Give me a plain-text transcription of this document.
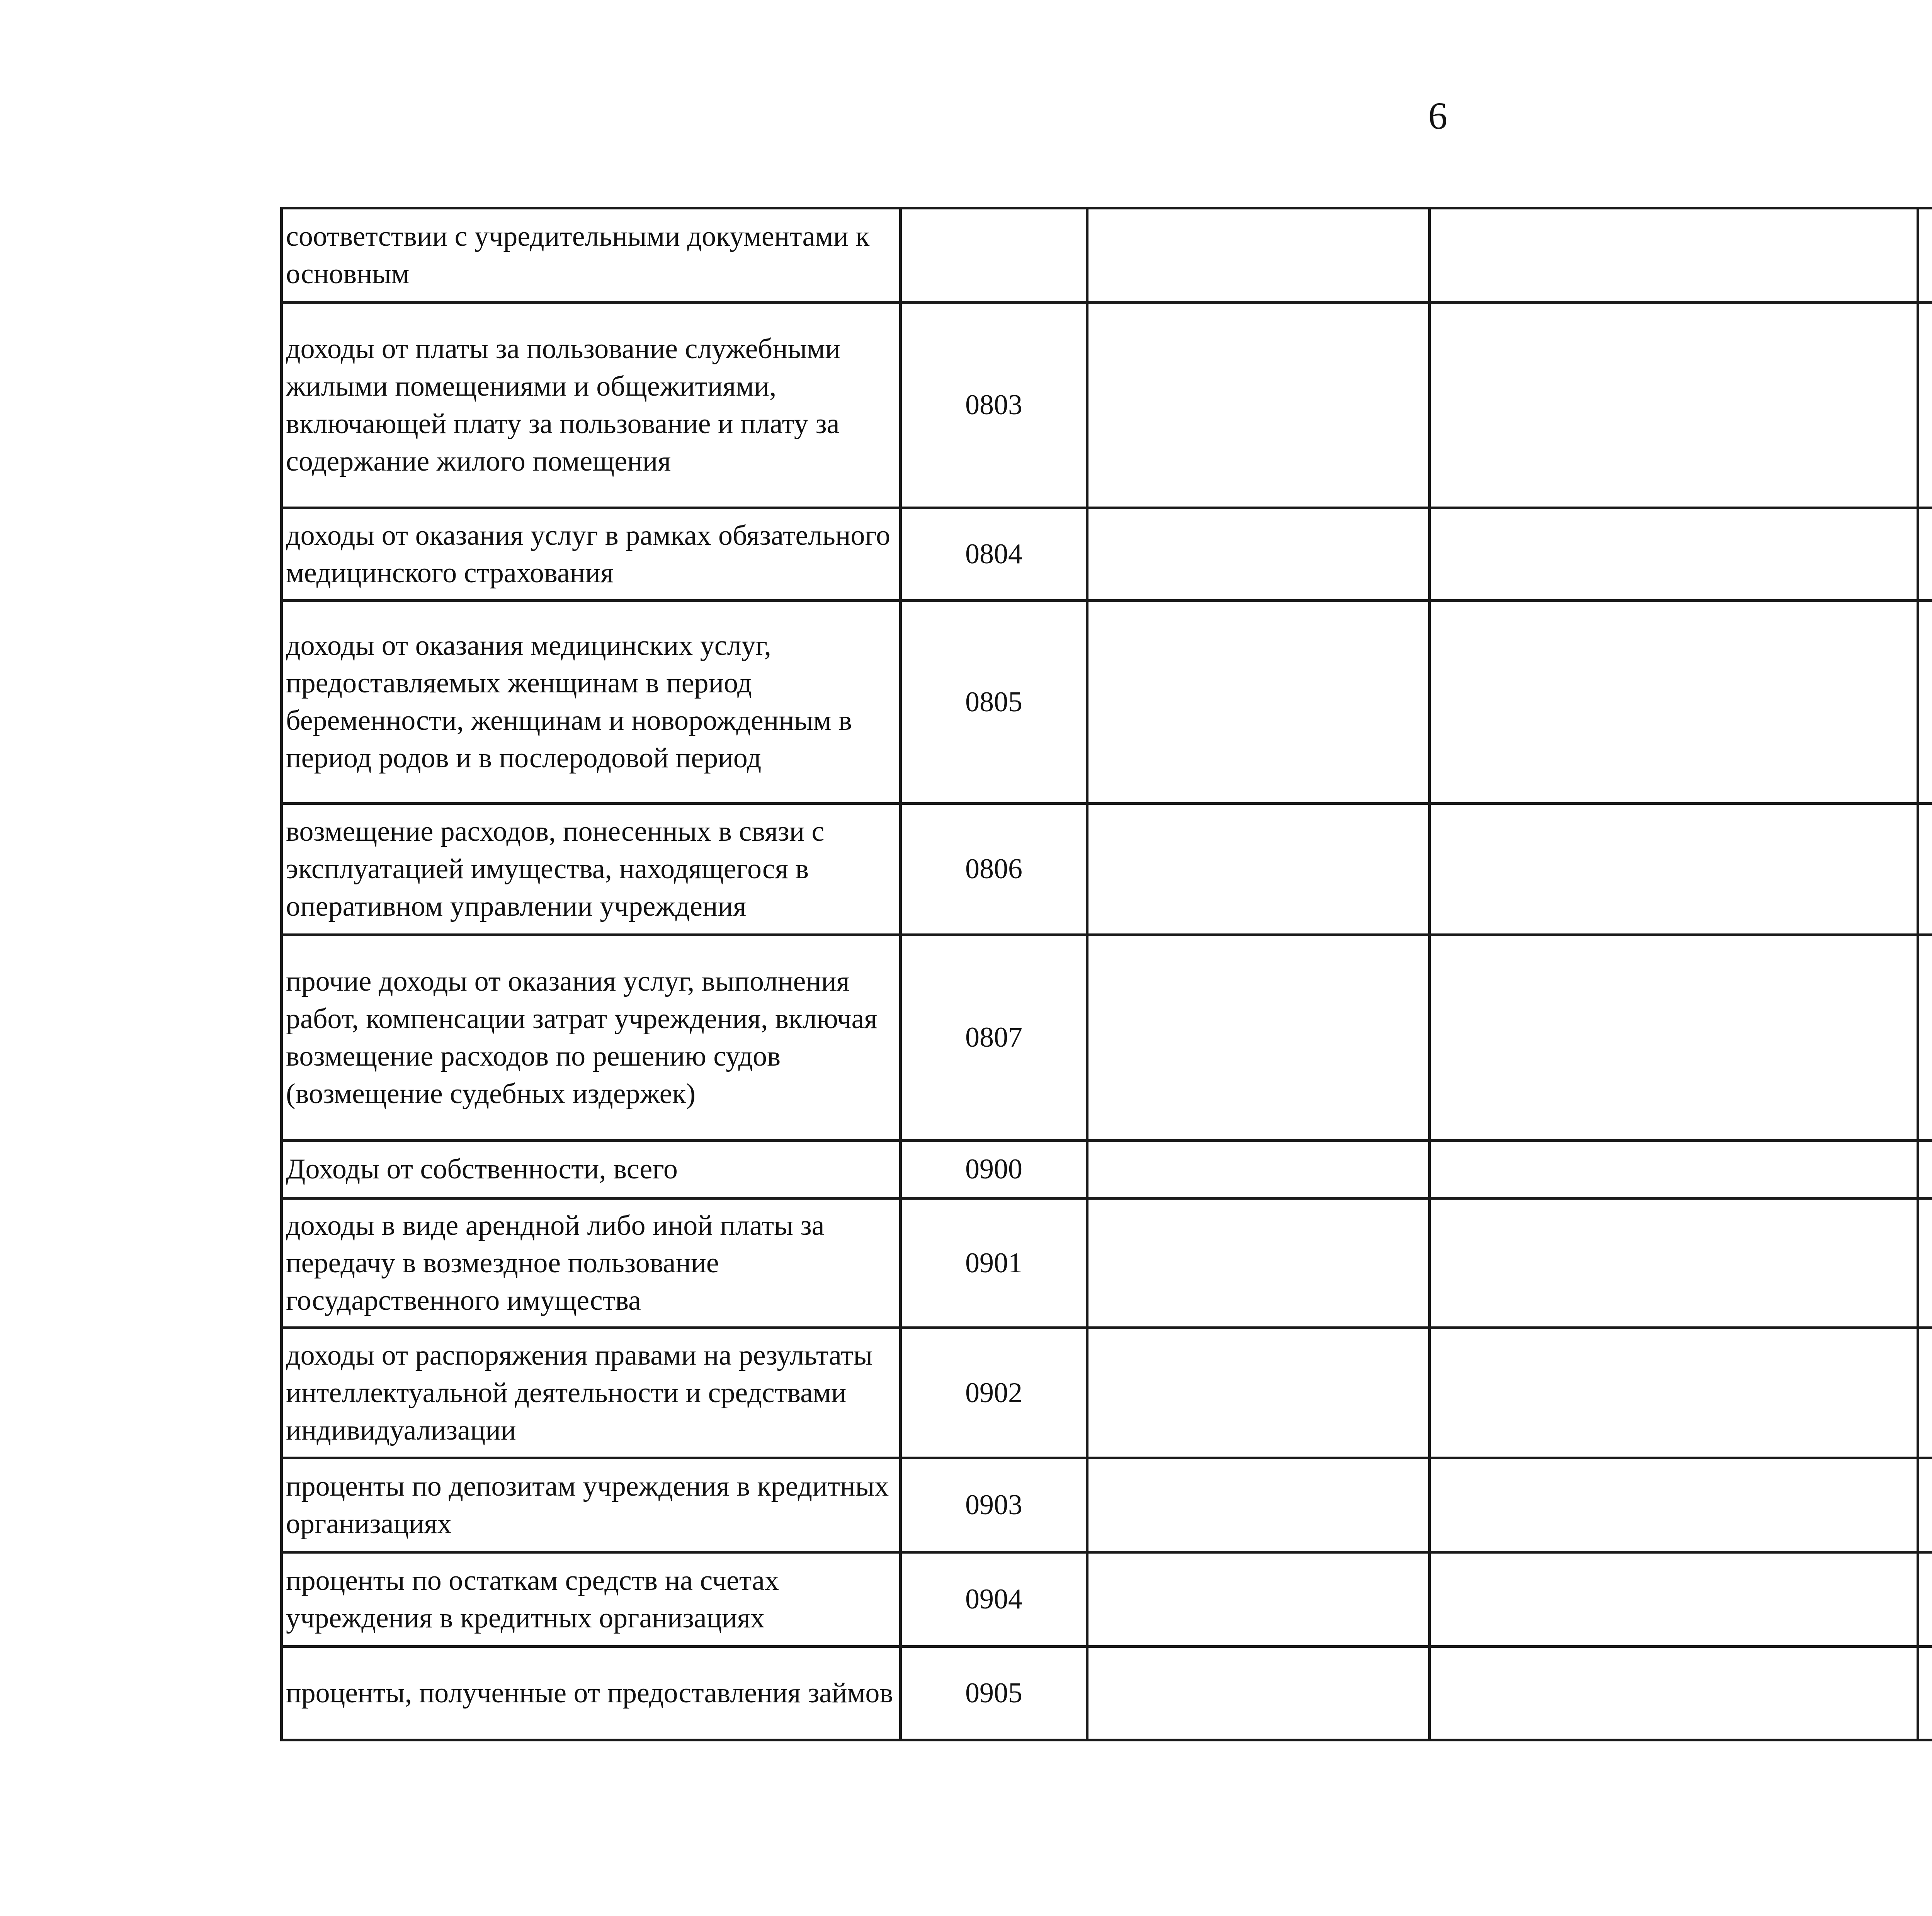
6
соответствии с учредительными документами к основным					
доходы от платы за пользование служебными жилыми помещениями и общежитиями, включающей плату за пользование и плату за содержание жилого помещения	0803				
доходы от оказания услуг в рамках обязательного медицинского страхования	0804				
доходы от оказания медицинских услуг, предоставляемых женщинам в период беременности, женщинам и новорожденным в период родов и в послеродовой период	0805				
возмещение расходов, понесенных в связи с эксплуатацией имущества, находящегося в оперативном управлении учреждения	0806				
прочие доходы от оказания услуг, выполнения работ, компенсации затрат учреждения, включая возмещение расходов по решению судов (возмещение судебных издержек)	0807				
Доходы от собственности, всего	0900				
доходы в виде арендной либо иной платы за передачу в возмездное пользование государственного имущества	0901				
доходы от распоряжения правами на результаты интеллектуальной деятельности и средствами индивидуализации	0902				
проценты по депозитам учреждения в кредитных организациях	0903				
проценты по остаткам средств на счетах учреждения в кредитных организациях	0904				
проценты, полученные от предоставления займов	0905				
